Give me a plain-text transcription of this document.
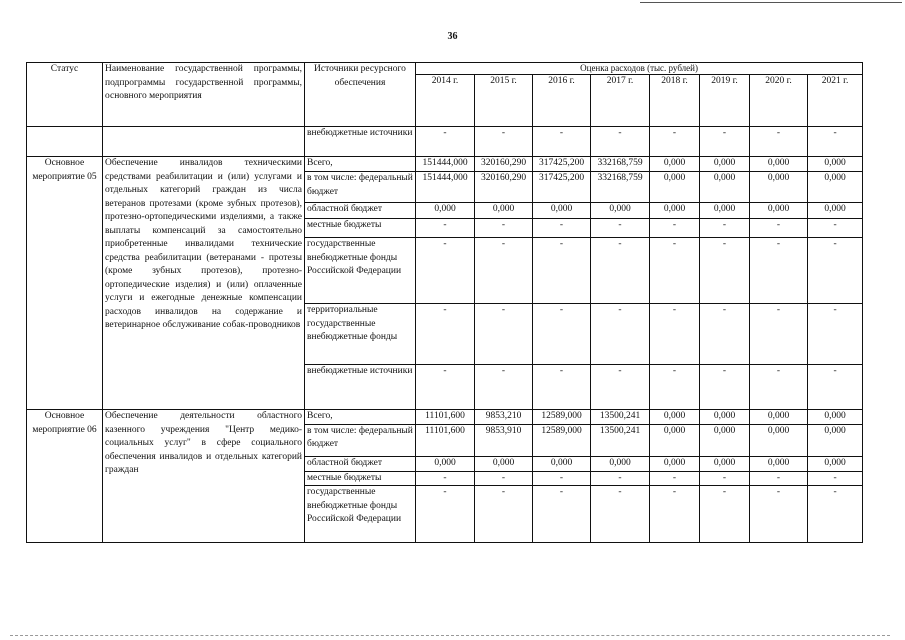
36
Статус	Наименование государственной программы, подпрограммы государственной программы, основного мероприятия	Источники ресурсного обеспечения	Оценка расходов (тыс. рублей)							
			2014 г.	2015 г.	2016 г.	2017 г.	2018 г.	2019 г.	2020 г.	2021 г.
		внебюджетные источники	-	-	-	-	-	-	-	-
Основное мероприятие 05	Обеспечение инвалидов техническими средствами реабилитации и (или) услугами и отдельных категорий граждан из числа ветеранов протезами (кроме зубных протезов), протезно-ортопедическими изделиями, а также выплаты компенсаций за самостоятельно приобретенные инвалидами технические средства реабилитации (ветеранами - протезы (кроме зубных протезов), протезно-ортопедические изделия) и (или) оплаченные услуги и ежегодные денежные компенсации расходов инвалидов на содержание и ветеринарное обслуживание собак-проводников	Всего,	151444,000	320160,290	317425,200	332168,759	0,000	0,000	0,000	0,000
		в том числе: федеральный бюджет	151444,000	320160,290	317425,200	332168,759	0,000	0,000	0,000	0,000
		областной бюджет	0,000	0,000	0,000	0,000	0,000	0,000	0,000	0,000
		местные бюджеты	-	-	-	-	-	-	-	-
		государственные внебюджетные фонды Российской Федерации	-	-	-	-	-	-	-	-
		территориальные государственные внебюджетные фонды	-	-	-	-	-	-	-	-
		внебюджетные источники	-	-	-	-	-	-	-	-
Основное мероприятие 06	Обеспечение деятельности областного казенного учреждения "Центр медико-социальных услуг" в сфере социального обеспечения инвалидов и отдельных категорий граждан	Всего,	11101,600	9853,210	12589,000	13500,241	0,000	0,000	0,000	0,000
		в том числе: федеральный бюджет	11101,600	9853,910	12589,000	13500,241	0,000	0,000	0,000	0,000
		областной бюджет	0,000	0,000	0,000	0,000	0,000	0,000	0,000	0,000
		местные бюджеты	-	-	-	-	-	-	-	-
		государственные внебюджетные фонды Российской Федерации	-	-	-	-	-	-	-	-
